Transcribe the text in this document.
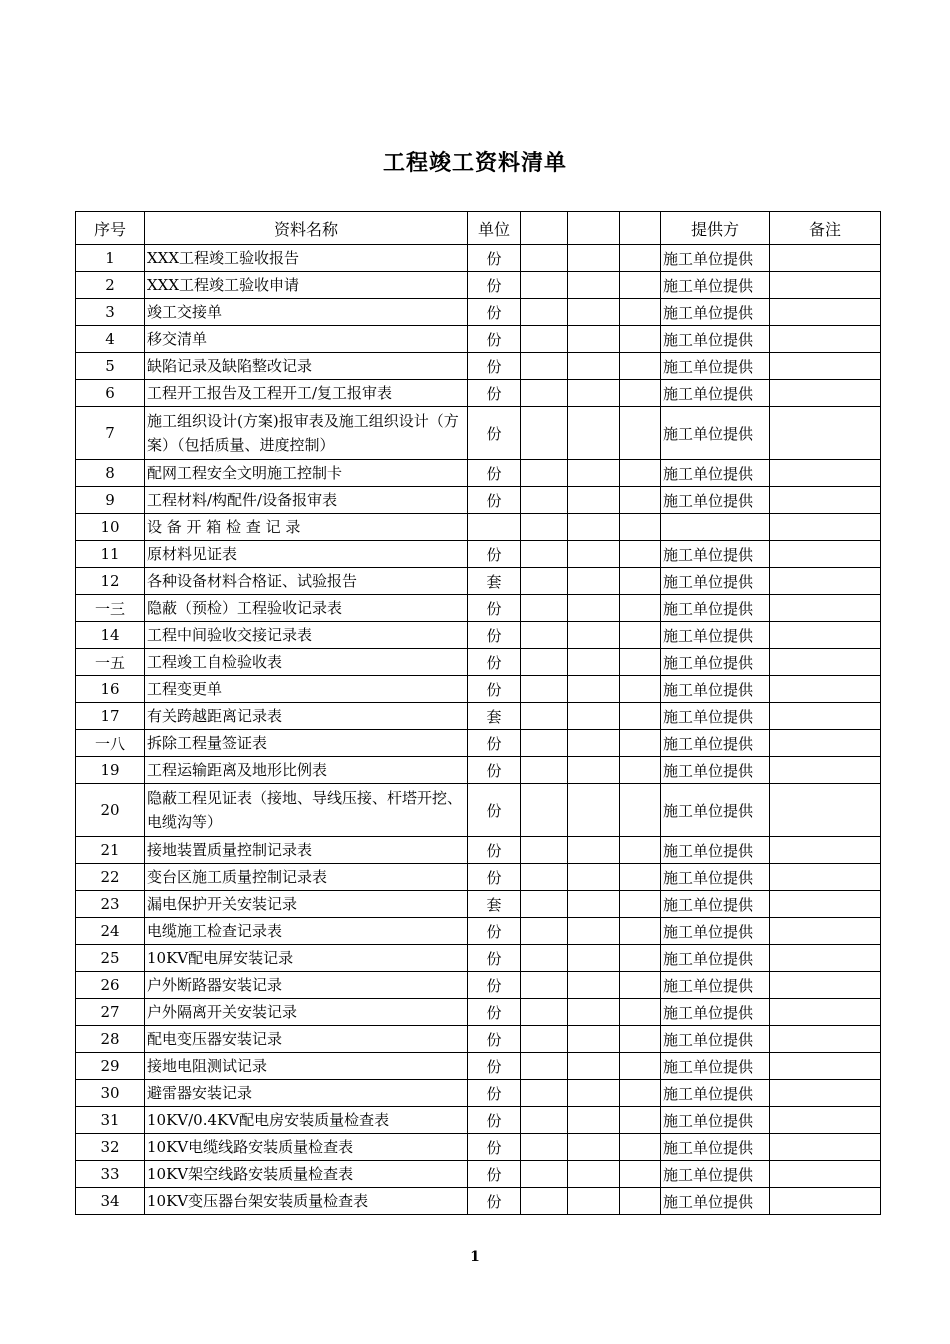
工程竣工资料清单
序号	资料名称	单位				提供方	备注
1	XXX工程竣工验收报告	份				施工单位提供	
2	XXX工程竣工验收申请	份				施工单位提供	
3	竣工交接单	份				施工单位提供	
4	移交清单	份				施工单位提供	
5	缺陷记录及缺陷整改记录	份				施工单位提供	
6	工程开工报告及工程开工/复工报审表	份				施工单位提供	
7	施工组织设计(方案)报审表及施工组织设计（方案）（包括质量、进度控制）	份				施工单位提供	
8	配网工程安全文明施工控制卡	份				施工单位提供	
9	工程材料/构配件/设备报审表	份				施工单位提供	
10	设 备 开 箱 检 查 记 录						
11	原材料见证表	份				施工单位提供	
12	各种设备材料合格证、试验报告	套				施工单位提供	
一三	隐蔽（预检）工程验收记录表	份				施工单位提供	
14	工程中间验收交接记录表	份				施工单位提供	
一五	工程竣工自检验收表	份				施工单位提供	
16	工程变更单	份				施工单位提供	
17	有关跨越距离记录表	套				施工单位提供	
一八	拆除工程量签证表	份				施工单位提供	
19	工程运输距离及地形比例表	份				施工单位提供	
20	隐蔽工程见证表（接地、导线压接、杆塔开挖、电缆沟等）	份				施工单位提供	
21	接地装置质量控制记录表	份				施工单位提供	
22	变台区施工质量控制记录表	份				施工单位提供	
23	漏电保护开关安装记录	套				施工单位提供	
24	电缆施工检查记录表	份				施工单位提供	
25	10KV配电屏安装记录	份				施工单位提供	
26	户外断路器安装记录	份				施工单位提供	
27	户外隔离开关安装记录	份				施工单位提供	
28	配电变压器安装记录	份				施工单位提供	
29	接地电阻测试记录	份				施工单位提供	
30	避雷器安装记录	份				施工单位提供	
31	10KV/0.4KV配电房安装质量检查表	份				施工单位提供	
32	10KV电缆线路安装质量检查表	份				施工单位提供	
33	10KV架空线路安装质量检查表	份				施工单位提供	
34	10KV变压器台架安装质量检查表	份				施工单位提供	
1
